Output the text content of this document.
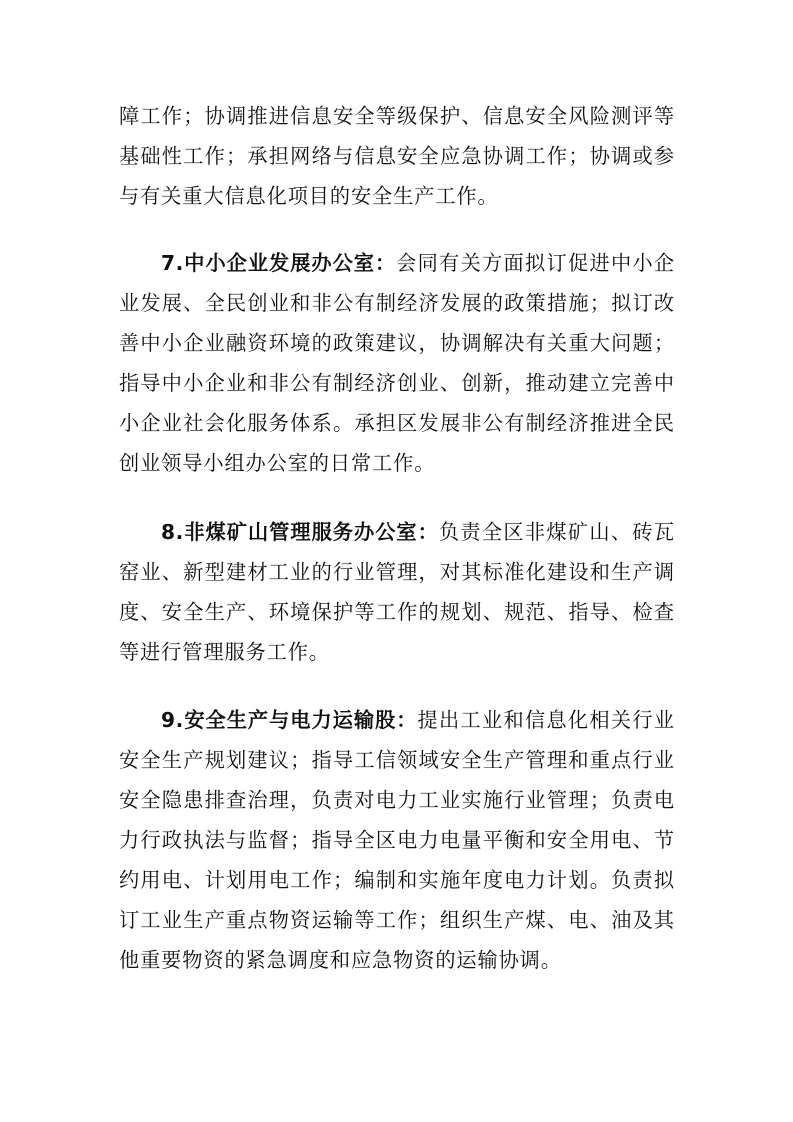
障工作；协调推进信息安全等级保护、信息安全风险测评等
基础性工作；承担网络与信息安全应急协调工作；协调或参
与有关重大信息化项目的安全生产工作。
7.中小企业发展办公室：会同有关方面拟订促进中小企
业发展、全民创业和非公有制经济发展的政策措施；拟订改
善中小企业融资环境的政策建议，协调解决有关重大问题；
指导中小企业和非公有制经济创业、创新，推动建立完善中
小企业社会化服务体系。承担区发展非公有制经济推进全民
创业领导小组办公室的日常工作。
8.非煤矿山管理服务办公室：负责全区非煤矿山、砖瓦
窑业、新型建材工业的行业管理，对其标准化建设和生产调
度、安全生产、环境保护等工作的规划、规范、指导、检查
等进行管理服务工作。
9.安全生产与电力运输股：提出工业和信息化相关行业
安全生产规划建议；指导工信领域安全生产管理和重点行业
安全隐患排查治理，负责对电力工业实施行业管理；负责电
力行政执法与监督；指导全区电力电量平衡和安全用电、节
约用电、计划用电工作；编制和实施年度电力计划。负责拟
订工业生产重点物资运输等工作；组织生产煤、电、油及其
他重要物资的紧急调度和应急物资的运输协调。
